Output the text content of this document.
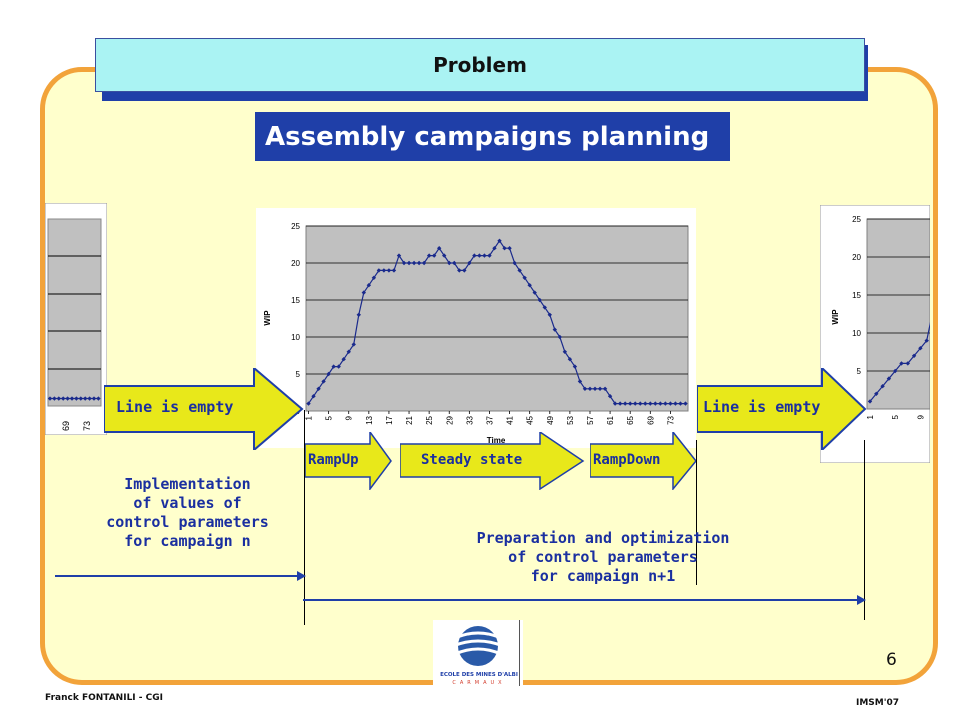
Problem
Assembly campaigns planning
69 73
5
10
15
20
25
1 5 9 13 17 21 25 29 33 37 41 45 49 53 57 61 65 69 73
WIP
Time
5
10
15
20
25
1 5 9
WIP
Line is empty	Line is empty
RampUp	Steady state	RampDown
Implementation
of values of
control parameters
for campaign n	Preparation and optimization
of control parameters
for campaign n+1
ECOLE DES MINES D'ALBI
CARMAUX
6
Franck FONTANILI - CGI	IMSM'07
